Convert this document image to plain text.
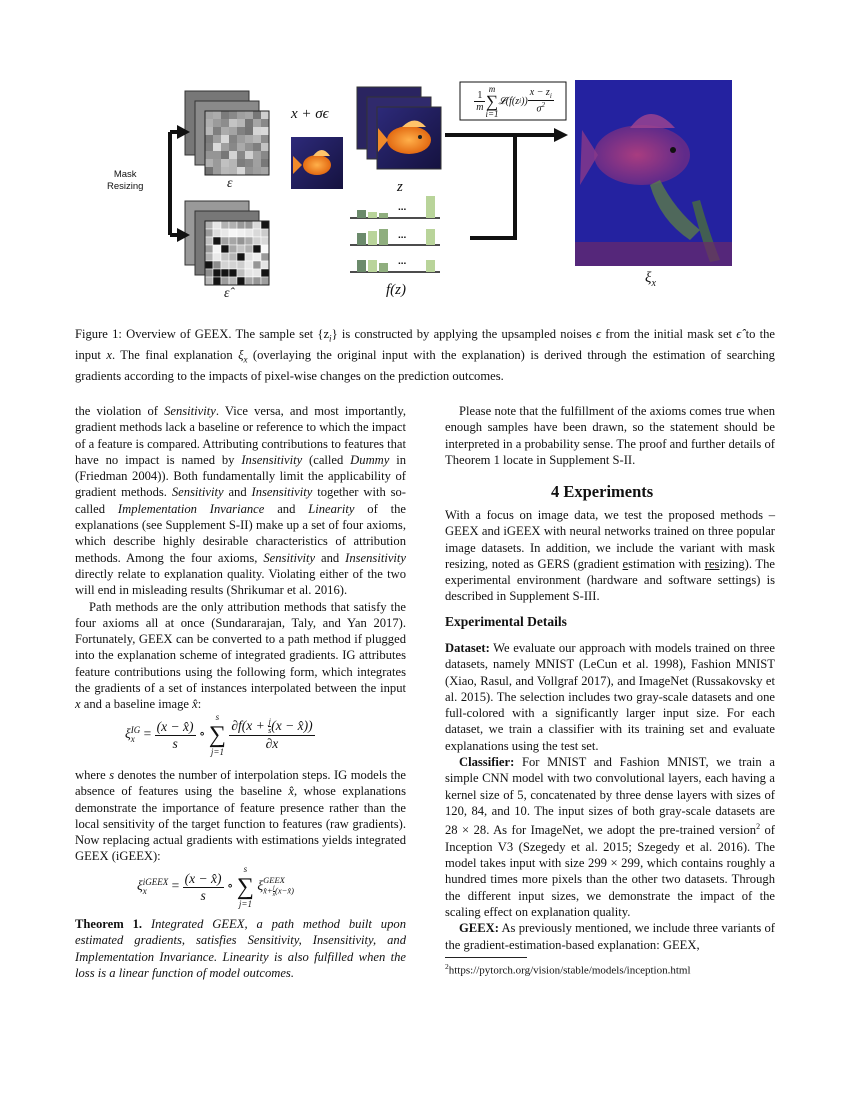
Mask
Resizing	ε
ε̂
x + σϵ
z
f(z)
$\xi_x$
$\frac{1}{m}$
m
∑
i=1
𝓛(f(z i )) $\frac{x - z_i}{\sigma^2}$
...
...
...
Figure 1: Overview of GEEX. The sample set $\{z_i\}$ is constructed by applying the upsampled noises ϵ from the initial mask set ϵ̂ to the input x. The final explanation $\xi_x$ (overlaying the original input with the explanation) is derived through the estimation of searching gradients according to the impacts of pixel-wise changes on the prediction outcomes.

the violation of Sensitivity. Vice versa, and most importantly, gradient methods lack a baseline or reference to which the impact of a feature is compared. Attributing contributions to features that have no impact is named by Insensitivity (called Dummy in (Friedman 2004)). Both fundamentally limit the applicability of gradient methods. Sensitivity and Insensitivity together with so-called Implementation Invariance and Linearity of the explanations (see Supplement S-II) make up a set of four axioms, which describe highly desirable characteristics of attribution methods. Among the four axioms, Sensitivity and Insensitivity directly relate to explanation quality. Violating either of the two will end in misleading results (Shrikumar et al. 2016).

Path methods are the only attribution methods that satisfy the four axioms all at once (Sundararajan, Taly, and Yan 2017). Fortunately, GEEX can be converted to a path method if plugged into the explanation scheme of integrated gradients. IG attributes feature contributions using the following form, which integrates the gradients of a set of instances interpolated between the input x and a baseline image x̂:

ξ IG
$x = \frac{(x - x̂)}{s}$ ∘
s
∑
j=1
$\frac{\partial f(x + \frac{j}{s} (x - x̂))}{\partial x}$

where s denotes the number of interpolation steps. IG models the absence of features using the baseline x̂, whose explanations demonstrate the importance of feature presence rather than the local sensitivity of the target function to features (raw gradients). Now replacing actual gradients with estimations yields integrated GEEX (iGEEX):

ξ iGEEX
x	= $\frac{(x - x̂)}{s}$ ∘
s
∑
j=1
ξ GEEX
x̂+ $\frac{j}{s}$ (x−x̂)

Theorem 1. Integrated GEEX, a path method built upon estimated gradients, satisfies Sensitivity, Insensitivity, and Implementation Invariance. Linearity is also fulfilled when the loss is a linear function of model outcomes.

Please note that the fulfillment of the axioms comes true when enough samples have been drawn, so the statement should be interpreted in a probability sense. The proof and further details of Theorem 1 locate in Supplement S-II.

4 Experiments

With a focus on image data, we test the proposed methods – GEEX and iGEEX with neural networks trained on three popular image datasets. In addition, we include the variant with mask resizing, noted as GERS (gradient estimation with resizing). The experimental environment (hardware and software settings) is described in Supplement S-III.

Experimental Details

Dataset: We evaluate our approach with models trained on three datasets, namely MNIST (LeCun et al. 1998), Fashion MNIST (Xiao, Rasul, and Vollgraf 2017), and ImageNet (Russakovsky et al. 2015). The selection includes two gray-scale datasets and one full-colored with a significantly larger input size. For each dataset, we train a classifier with its training set and evaluate explanations using the test set.

Classifier: For MNIST and Fashion MNIST, we train a simple CNN model with two convolutional layers, each having a kernel size of 5, concatenated by three dense layers with sizes of 120, 84, and 10. The input sizes of both gray-scale datasets are 28 × 28. As for ImageNet, we adopt the pre-trained version$^2$ of Inception V3 (Szegedy et al. 2015; Szegedy et al. 2016). The model takes input with size 299 × 299, which contains roughly a hundred times more pixels than the other two datasets. Through the different input sizes, we demonstrate the impact of the scaling effect on explanation quality.

GEEX: As previously mentioned, we include three variants of the gradient-estimation-based explanation: GEEX,

$^2$https://pytorch.org/vision/stable/models/inception.html
